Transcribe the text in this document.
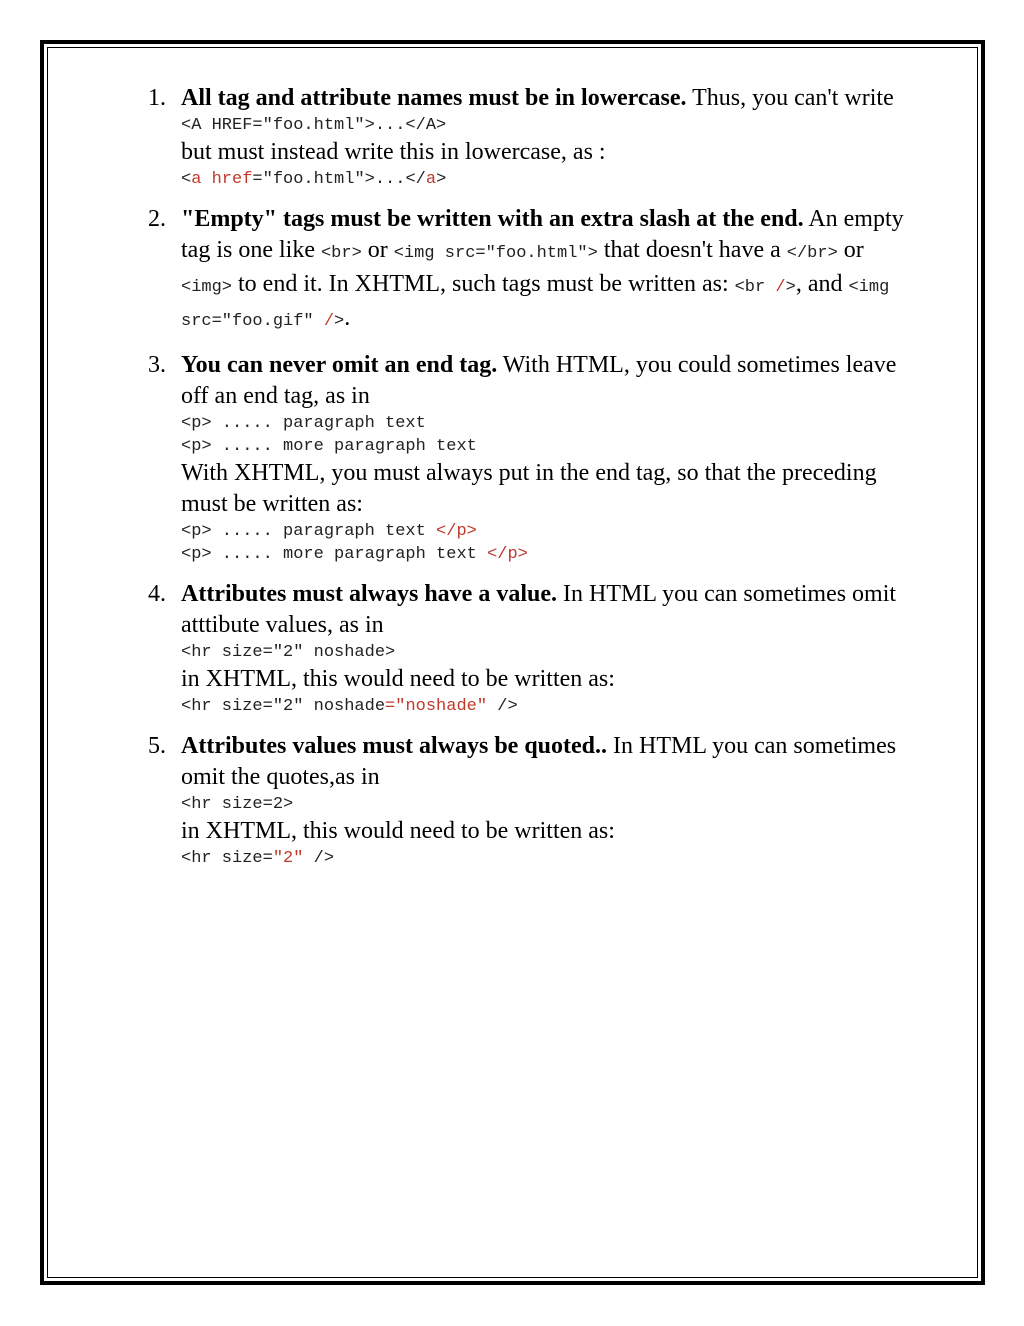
1. All tag and attribute names must be in lowercase. Thus, you can't write
<A HREF="foo.html">...</A>
but must instead write this in lowercase, as :
<a href="foo.html">...</a>
2. "Empty" tags must be written with an extra slash at the end. An empty tag is one like <br> or <img src="foo.html"> that doesn't have a </br> or <img> to end it. In XHTML, such tags must be written as: <br />, and <img src="foo.gif" />.
3. You can never omit an end tag. With HTML, you could sometimes leave off an end tag, as in
<p> ..... paragraph text
<p> ..... more paragraph text
With XHTML, you must always put in the end tag, so that the preceding must be written as:
<p> ..... paragraph text </p>
<p> ..... more paragraph text </p>
4. Attributes must always have a value. In HTML you can sometimes omit atttibute values, as in
<hr size="2" noshade>
in XHTML, this would need to be written as:
<hr size="2" noshade="noshade" />
5. Attributes values must always be quoted.. In HTML you can sometimes omit the quotes,as in
<hr size=2>
in XHTML, this would need to be written as:
<hr size="2" />
